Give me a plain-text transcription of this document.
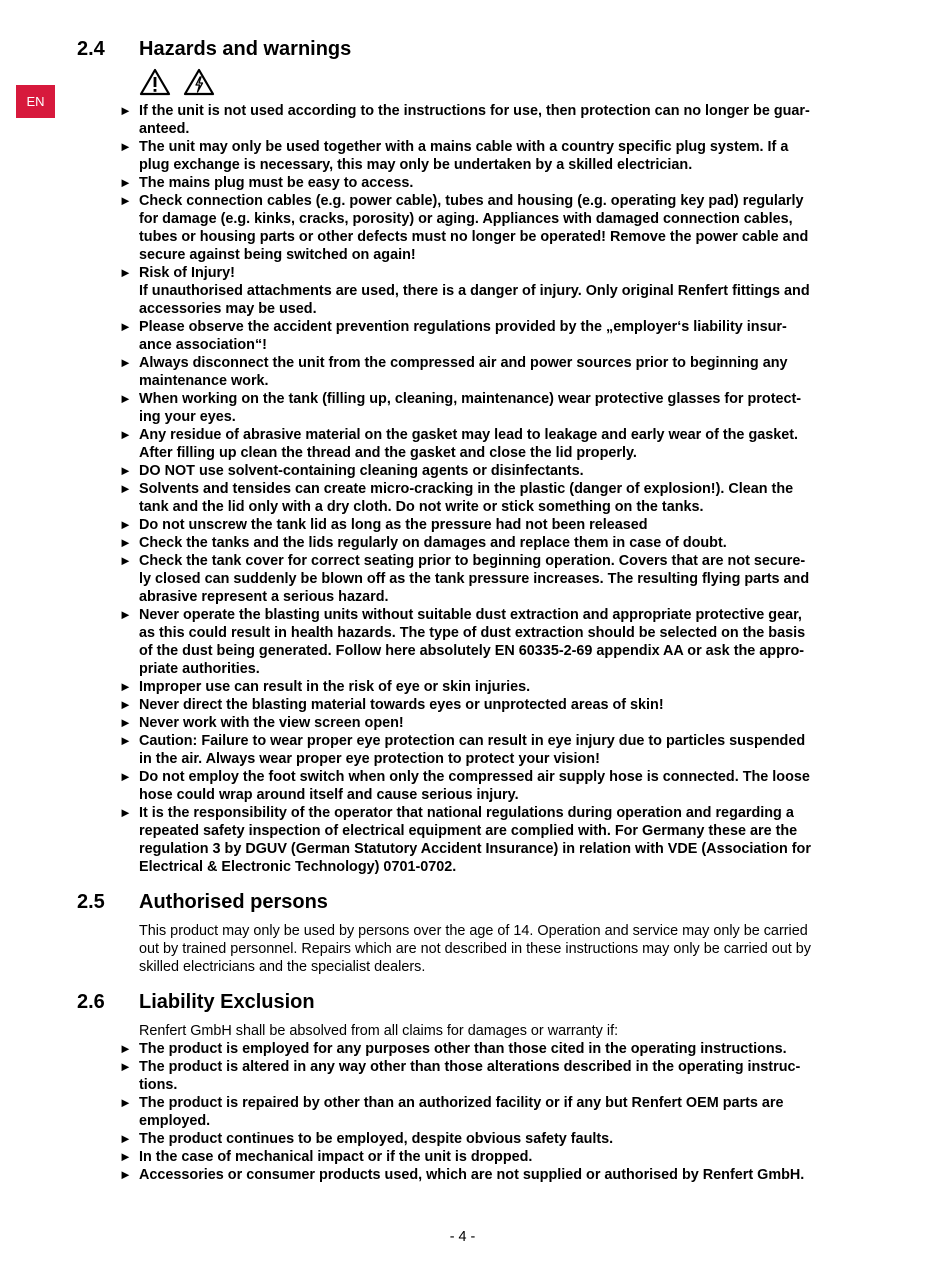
EN
2.4 Hazards and warnings
► If the unit is not used according to the instructions for use, then protection can no longer be guar-
anteed.
► The unit may only be used together with a mains cable with a country specific plug system. If a
plug exchange is necessary, this may only be undertaken by a skilled electrician.
► The mains plug must be easy to access.
► Check connection cables (e.g. power cable), tubes and housing (e.g. operating key pad) regularly
for damage (e.g. kinks, cracks, porosity) or aging. Appliances with damaged connection cables,
tubes or housing parts or other defects must no longer be operated! Remove the power cable and
secure against being switched on again!
► Risk of Injury!
If unauthorised attachments are used, there is a danger of injury. Only original Renfert fittings and
accessories may be used.
► Please observe the accident prevention regulations provided by the „employer‘s liability insur-
ance association“!
► Always disconnect the unit from the compressed air and power sources prior to beginning any
maintenance work.
► When working on the tank (filling up, cleaning, maintenance) wear protective glasses for protect-
ing your eyes.
► Any residue of abrasive material on the gasket may lead to leakage and early wear of the gasket.
After filling up clean the thread and the gasket and close the lid properly.
► DO NOT use solvent-containing cleaning agents or disinfectants.
► Solvents and tensides can create micro-cracking in the plastic (danger of explosion!). Clean the
tank and the lid only with a dry cloth. Do not write or stick something on the tanks.
► Do not unscrew the tank lid as long as the pressure had not been released
► Check the tanks and the lids regularly on damages and replace them in case of doubt.
► Check the tank cover for correct seating prior to beginning operation. Covers that are not secure-
ly closed can suddenly be blown off as the tank pressure increases. The resulting flying parts and
abrasive represent a serious hazard.
► Never operate the blasting units without suitable dust extraction and appropriate protective gear,
as this could result in health hazards. The type of dust extraction should be selected on the basis
of the dust being generated. Follow here absolutely EN 60335-2-69 appendix AA or ask the appro-
priate authorities.
► Improper use can result in the risk of eye or skin injuries.
► Never direct the blasting material towards eyes or unprotected areas of skin!
► Never work with the view screen open!
► Caution: Failure to wear proper eye protection can result in eye injury due to particles suspended
in the air. Always wear proper eye protection to protect your vision!
► Do not employ the foot switch when only the compressed air supply hose is connected. The loose
hose could wrap around itself and cause serious injury.
► It is the responsibility of the operator that national regulations during operation and regarding a
repeated safety inspection of electrical equipment are complied with. For Germany these are the
regulation 3 by DGUV (German Statutory Accident Insurance) in relation with VDE (Association for
Electrical & Electronic Technology) 0701-0702.
2.5 Authorised persons
This product may only be used by persons over the age of 14. Operation and service may only be carried
out by trained personnel. Repairs which are not described in these instructions may only be carried out by
skilled electricians and the specialist dealers.
2.6 Liability Exclusion
Renfert GmbH shall be absolved from all claims for damages or warranty if:
► The product is employed for any purposes other than those cited in the operating instructions.
► The product is altered in any way other than those alterations described in the operating instruc-
tions.
► The product is repaired by other than an authorized facility or if any but Renfert OEM parts are
employed.
► The product continues to be employed, despite obvious safety faults.
► In the case of mechanical impact or if the unit is dropped.
► Accessories or consumer products used, which are not supplied or authorised by Renfert GmbH.
- 4 -
